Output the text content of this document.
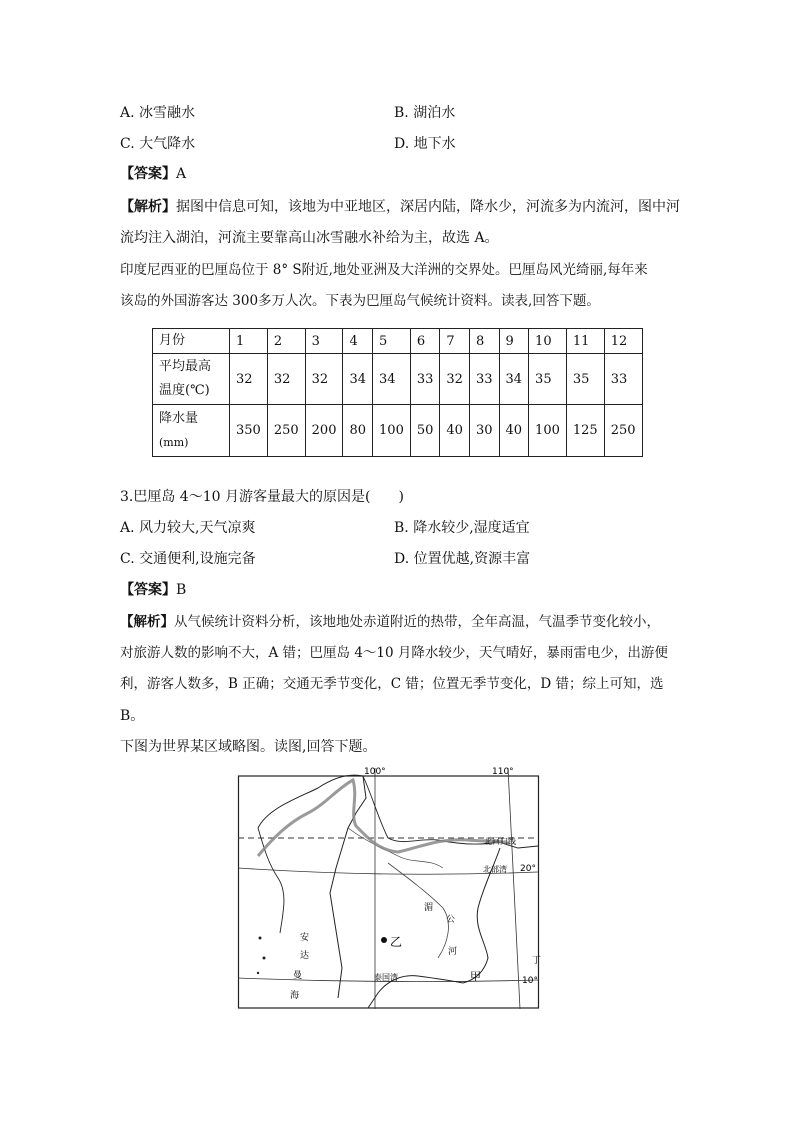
A. 冰雪融水	B. 湖泊水
C. 大气降水	D. 地下水
【答案】A
【解析】据图中信息可知，该地为中亚地区，深居内陆，降水少，河流多为内流河，图中河
流均注入湖泊，河流主要靠高山冰雪融水补给为主，故选 A。
印度尼西亚的巴厘岛位于 8° S附近,地处亚洲及大洋洲的交界处。巴厘岛风光绮丽,每年来
该岛的外国游客达 300多万人次。下表为巴厘岛气候统计资料。读表,回答下题。
月份	1	2	3	4	5	6	7	8	9	10	11	12
平均最高
温度(℃)	32	32	32	34	34	33	32	33	34	35	35	33
降水量
(mm)	350	250	200	80	100	50	40	30	40	100	125	250
3.巴厘岛 4～10 月游客量最大的原因是(　　)
A. 风力较大,天气凉爽	B. 降水较少,湿度适宜
C. 交通便利,设施完备	D. 位置优越,资源丰富
【答案】B
【解析】从气候统计资料分析，该地地处赤道附近的热带，全年高温，气温季节变化较小，
对旅游人数的影响不大，A 错；巴厘岛 4～10 月降水较少，天气晴好，暴雨雷电少，出游便
利，游客人数多，B 正确；交通无季节变化，C 错；位置无季节变化，D 错；综上可知，选
B。
下图为世界某区域略图。读图,回答下题。
100°	110°
20°
10°
北回归线
北部湾
安
达
曼
海
湄
公
河
乙
甲
泰国湾
丁
